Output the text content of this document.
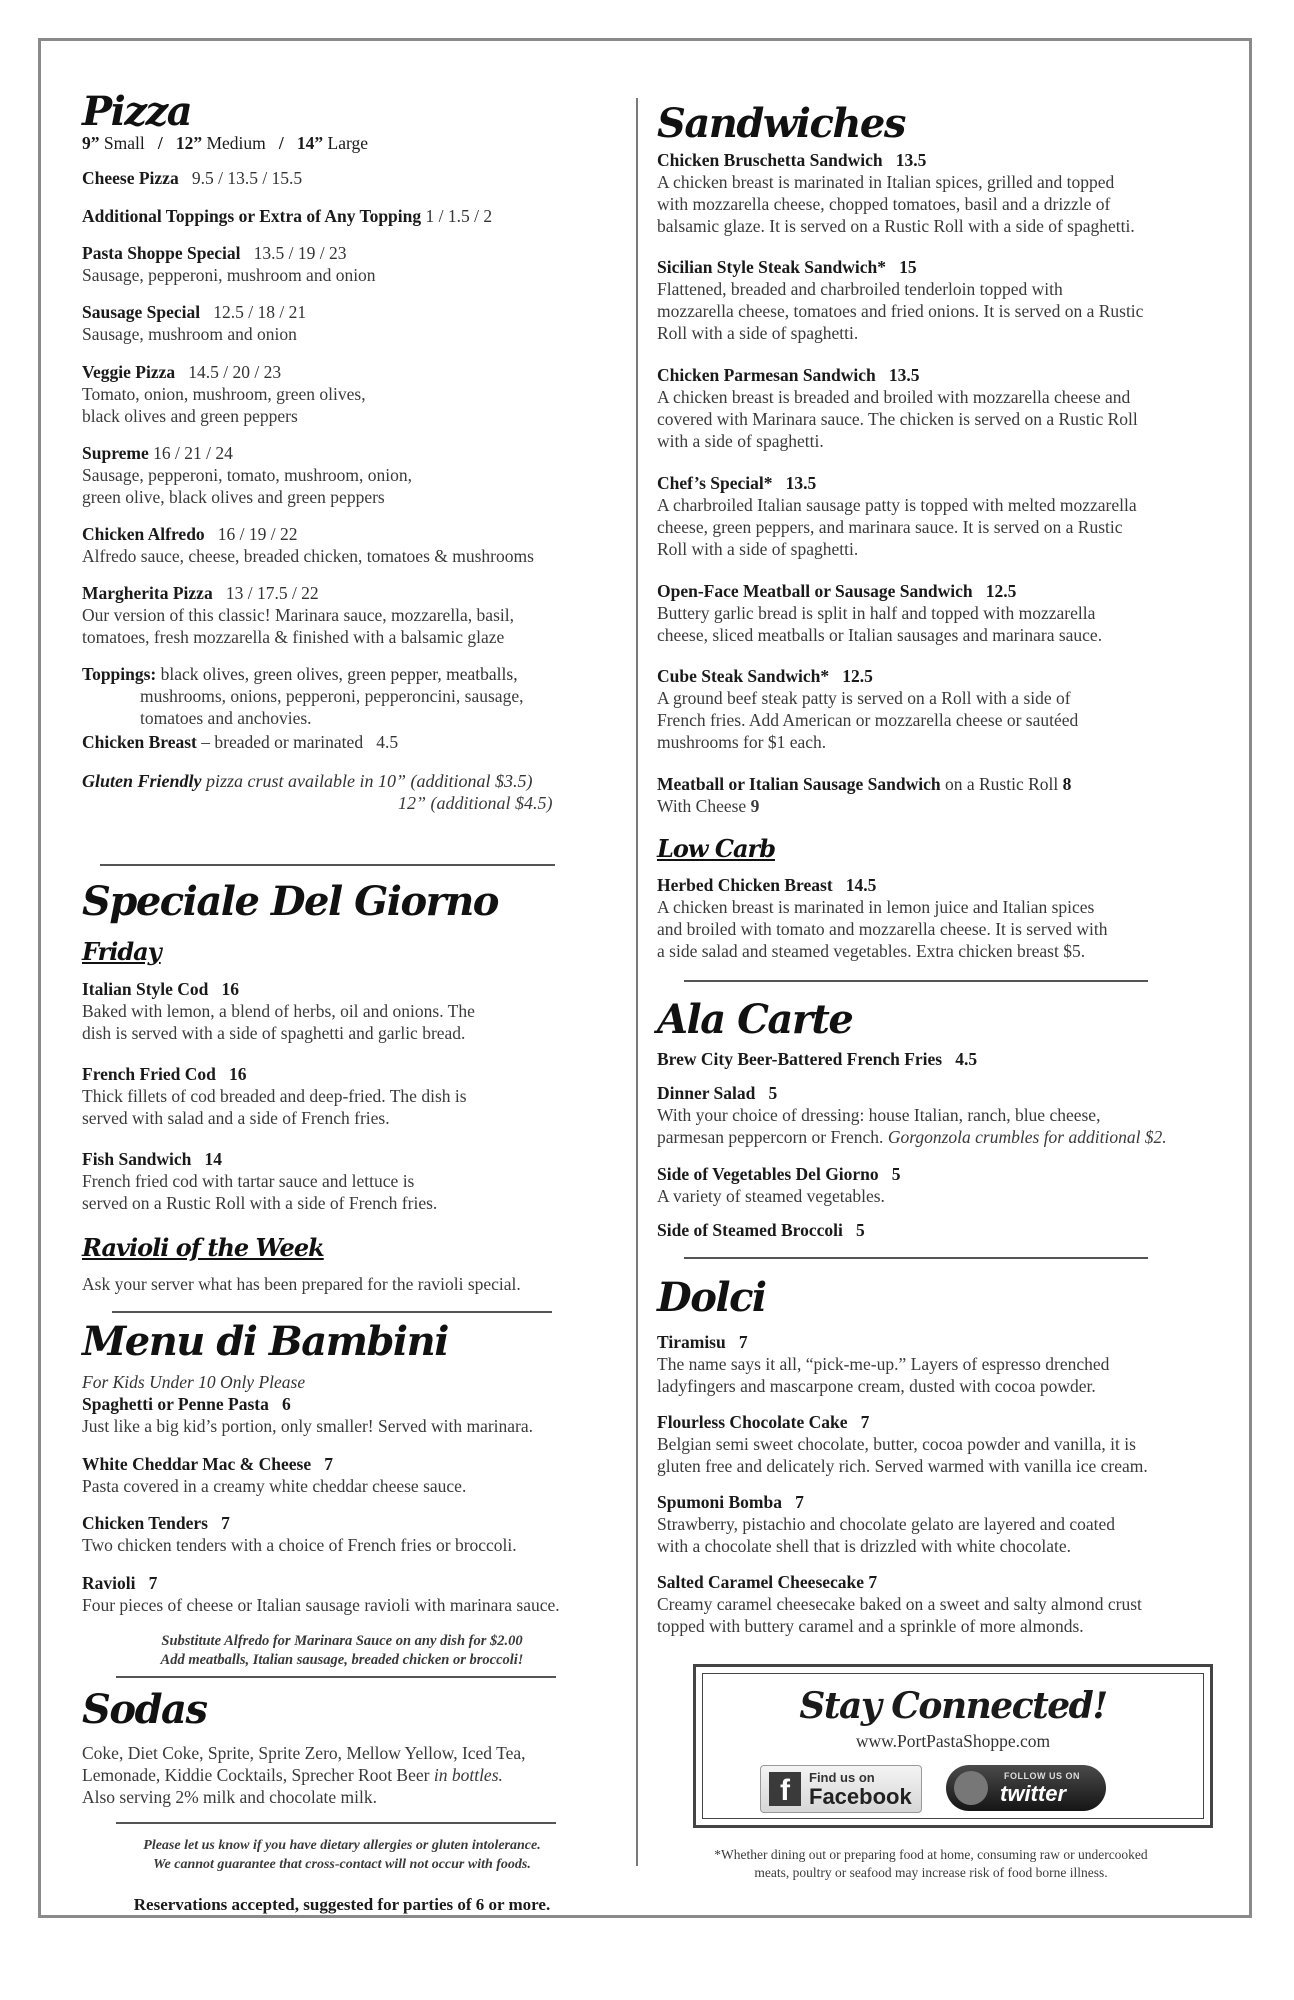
Pizza
9” Small / 12” Medium / 14” Large
Cheese Pizza 9.5 / 13.5 / 15.5
Additional Toppings or Extra of Any Topping 1 / 1.5 / 2
Pasta Shoppe Special 13.5 / 19 / 23
Sausage, pepperoni, mushroom and onion
Sausage Special 12.5 / 18 / 21
Sausage, mushroom and onion
Veggie Pizza 14.5 / 20 / 23
Tomato, onion, mushroom, green olives,
black olives and green peppers
Supreme 16 / 21 / 24
Sausage, pepperoni, tomato, mushroom, onion,
green olive, black olives and green peppers
Chicken Alfredo 16 / 19 / 22
Alfredo sauce, cheese, breaded chicken, tomatoes & mushrooms
Margherita Pizza 13 / 17.5 / 22
Our version of this classic! Marinara sauce, mozzarella, basil,
tomatoes, fresh mozzarella & finished with a balsamic glaze
Toppings: black olives, green olives, green pepper, meatballs,
mushrooms, onions, pepperoni, pepperoncini, sausage,
tomatoes and anchovies.
Chicken Breast – breaded or marinated 4.5
Gluten Friendly pizza crust available in 10” (additional $3.5)
12” (additional $4.5)
Speciale Del Giorno
Friday
Italian Style Cod 16
Baked with lemon, a blend of herbs, oil and onions. The
dish is served with a side of spaghetti and garlic bread.
French Fried Cod 16
Thick fillets of cod breaded and deep-fried. The dish is
served with salad and a side of French fries.
Fish Sandwich 14
French fried cod with tartar sauce and lettuce is
served on a Rustic Roll with a side of French fries.
Ravioli of the Week
Ask your server what has been prepared for the ravioli special.
Menu di Bambini
For Kids Under 10 Only Please
Spaghetti or Penne Pasta 6
Just like a big kid’s portion, only smaller! Served with marinara.
White Cheddar Mac & Cheese 7
Pasta covered in a creamy white cheddar cheese sauce.
Chicken Tenders 7
Two chicken tenders with a choice of French fries or broccoli.
Ravioli 7
Four pieces of cheese or Italian sausage ravioli with marinara sauce.
Substitute Alfredo for Marinara Sauce on any dish for $2.00
Add meatballs, Italian sausage, breaded chicken or broccoli!
Sodas
Coke, Diet Coke, Sprite, Sprite Zero, Mellow Yellow, Iced Tea,
Lemonade, Kiddie Cocktails, Sprecher Root Beer in bottles.
Also serving 2% milk and chocolate milk.
Please let us know if you have dietary allergies or gluten intolerance.
We cannot guarantee that cross-contact will not occur with foods.
Reservations accepted, suggested for parties of 6 or more.
Sandwiches
Chicken Bruschetta Sandwich 13.5
A chicken breast is marinated in Italian spices, grilled and topped
with mozzarella cheese, chopped tomatoes, basil and a drizzle of
balsamic glaze. It is served on a Rustic Roll with a side of spaghetti.
Sicilian Style Steak Sandwich* 15
Flattened, breaded and charbroiled tenderloin topped with
mozzarella cheese, tomatoes and fried onions. It is served on a Rustic
Roll with a side of spaghetti.
Chicken Parmesan Sandwich 13.5
A chicken breast is breaded and broiled with mozzarella cheese and
covered with Marinara sauce. The chicken is served on a Rustic Roll
with a side of spaghetti.
Chef’s Special* 13.5
A charbroiled Italian sausage patty is topped with melted mozzarella
cheese, green peppers, and marinara sauce. It is served on a Rustic
Roll with a side of spaghetti.
Open-Face Meatball or Sausage Sandwich 12.5
Buttery garlic bread is split in half and topped with mozzarella
cheese, sliced meatballs or Italian sausages and marinara sauce.
Cube Steak Sandwich* 12.5
A ground beef steak patty is served on a Roll with a side of
French fries. Add American or mozzarella cheese or sautéed
mushrooms for $1 each.
Meatball or Italian Sausage Sandwich on a Rustic Roll 8
With Cheese 9
Low Carb
Herbed Chicken Breast 14.5
A chicken breast is marinated in lemon juice and Italian spices
and broiled with tomato and mozzarella cheese. It is served with
a side salad and steamed vegetables. Extra chicken breast $5.
Ala Carte
Brew City Beer-Battered French Fries 4.5
Dinner Salad 5
With your choice of dressing: house Italian, ranch, blue cheese,
parmesan peppercorn or French. Gorgonzola crumbles for additional $2.
Side of Vegetables Del Giorno 5
A variety of steamed vegetables.
Side of Steamed Broccoli 5
Dolci
Tiramisu 7
The name says it all, “pick-me-up.” Layers of espresso drenched
ladyfingers and mascarpone cream, dusted with cocoa powder.
Flourless Chocolate Cake 7
Belgian semi sweet chocolate, butter, cocoa powder and vanilla, it is
gluten free and delicately rich. Served warmed with vanilla ice cream.
Spumoni Bomba 7
Strawberry, pistachio and chocolate gelato are layered and coated
with a chocolate shell that is drizzled with white chocolate.
Salted Caramel Cheesecake 7
Creamy caramel cheesecake baked on a sweet and salty almond crust
topped with buttery caramel and a sprinkle of more almonds.
*Whether dining out or preparing food at home, consuming raw or undercooked
meats, poultry or seafood may increase risk of food borne illness.
Stay Connected!
www.PortPastaShoppe.com
f	Find us on
Facebook
FOLLOW US ON
twitter
